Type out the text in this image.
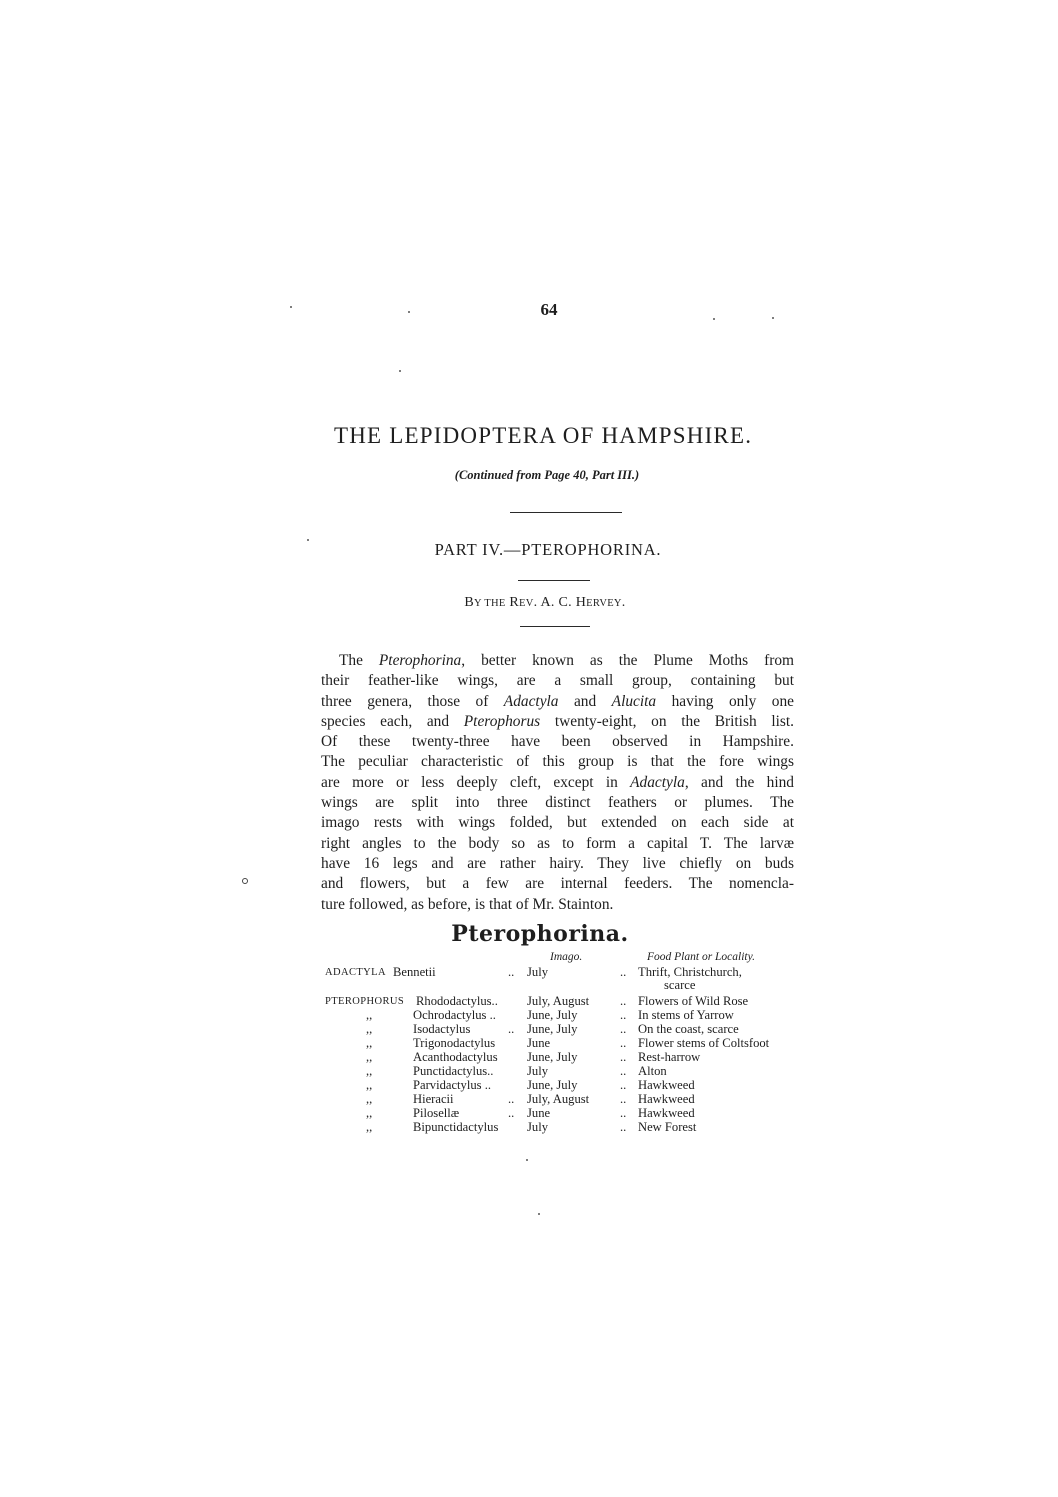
64
THE LEPIDOPTERA OF HAMPSHIRE.
(Continued from Page 40, Part III.)
PART IV.—PTEROPHORINA.
BY THE REV. A. C. HERVEY.
The Pterophorina, better known as the Plume Moths from
their feather-like wings, are a small group, containing but
three genera, those of Adactyla and Alucita having only one
species each, and Pterophorus twenty-eight, on the British list.
Of these twenty-three have been observed in Hampshire.
The peculiar characteristic of this group is that the fore wings
are more or less deeply cleft, except in Adactyla, and the hind
wings are split into three distinct feathers or plumes. The
imago rests with wings folded, but extended on each side at
right angles to the body so as to form a capital T. The larvæ
have 16 legs and are rather hairy. They live chiefly on buds
and flowers, but a few are internal feeders. The nomencla-
ture followed, as before, is that of Mr. Stainton.
Pterophorina.
Imago.	Food Plant or Locality.
ADACTYLA Bennetii	.. July	.. Thrift, Christchurch,
scarce
PTEROPHORUS Rhododactylus.. July, August .. Flowers of Wild Rose
,,	Ochrodactylus .. June, July	.. In stems of Yarrow
,,	Isodactylus	.. June, July	.. On the coast, scarce
,,	Trigonodactylus	June	.. Flower stems of Coltsfoot
,,	Acanthodactylus June, July	.. Rest-harrow
,,	Punctidactylus..	July	.. Alton
,,	Parvidactylus ..	June, July	.. Hawkweed
,,	Hieracii	.. July, August .. Hawkweed
,,	Pilosellæ	.. June	.. Hawkweed
,,	Bipunctidactylus July	.. New Forest
